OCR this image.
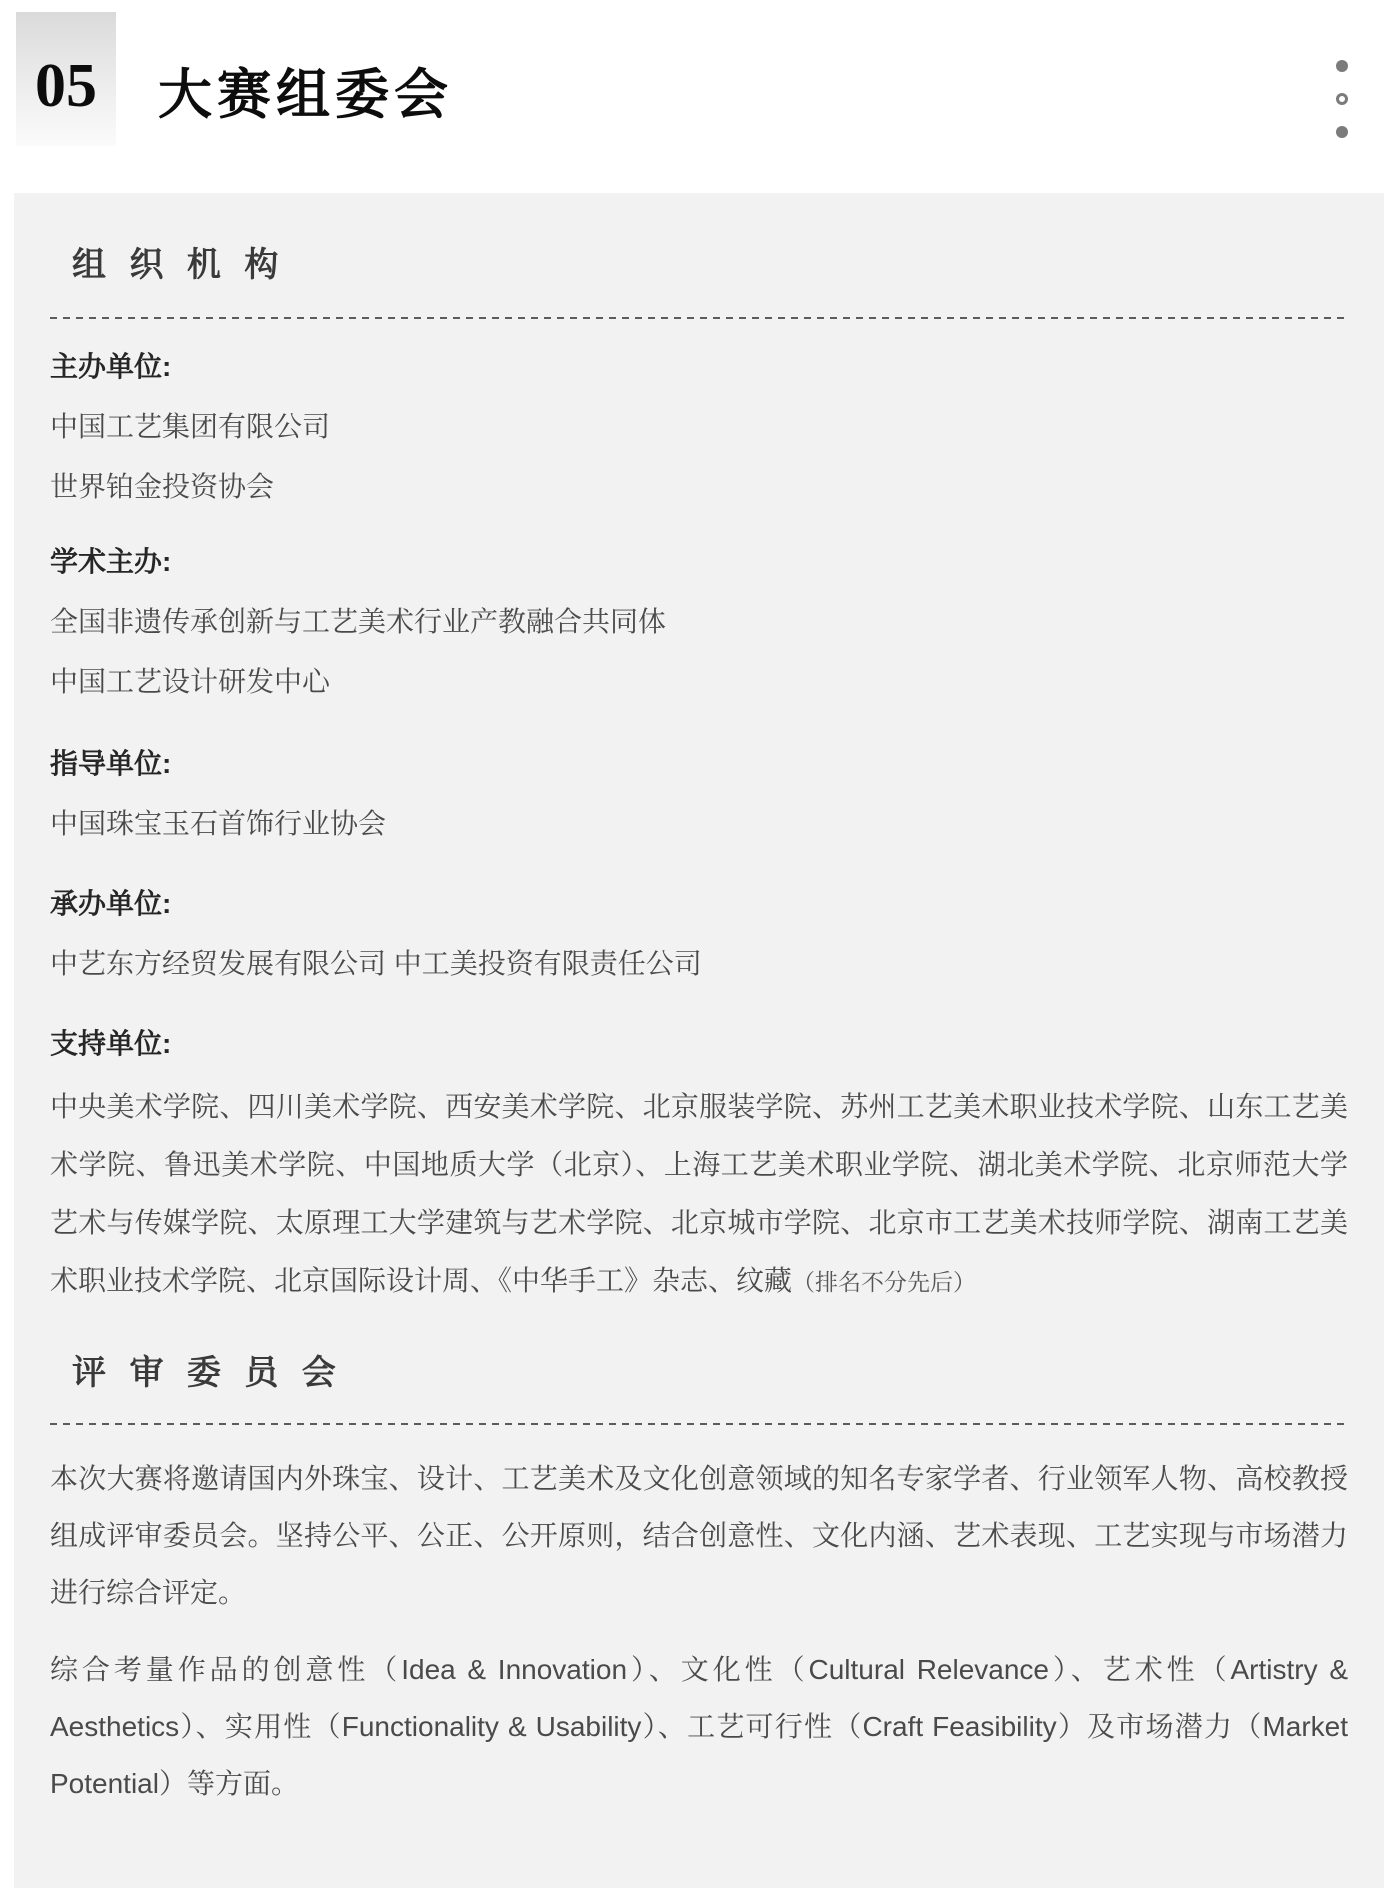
05 大赛组委会
组 织 机 构

主办单位:

中国工艺集团有限公司

世界铂金投资协会

学术主办:

全国非遗传承创新与工艺美术行业产教融合共同体

中国工艺设计研发中心

指导单位:

中国珠宝玉石首饰行业协会

承办单位:

中艺东方经贸发展有限公司 中工美投资有限责任公司

支持单位:

中央美术学院、四川美术学院、西安美术学院、北京服装学院、苏州工艺美术职业技术学院、山东工艺美术学院、鲁迅美术学院、中国地质大学（北京）、上海工艺美术职业学院、湖北美术学院、北京师范大学艺术与传媒学院、太原理工大学建筑与艺术学院、北京城市学院、北京市工艺美术技师学院、湖南工艺美术职业技术学院、北京国际设计周、《中华手工》杂志、纹藏（排名不分先后）

评 审 委 员 会

本次大赛将邀请国内外珠宝、设计、工艺美术及文化创意领域的知名专家学者、行业领军人物、高校教授组成评审委员会。坚持公平、公正、公开原则，结合创意性、文化内涵、艺术表现、工艺实现与市场潜力进行综合评定。

综合考量作品的创意性（Idea & Innovation）、文化性（Cultural Relevance）、艺术性（Artistry & Aesthetics）、实用性（Functionality & Usability）、工艺可行性（Craft Feasibility）及市场潜力（Market Potential）等方面。
